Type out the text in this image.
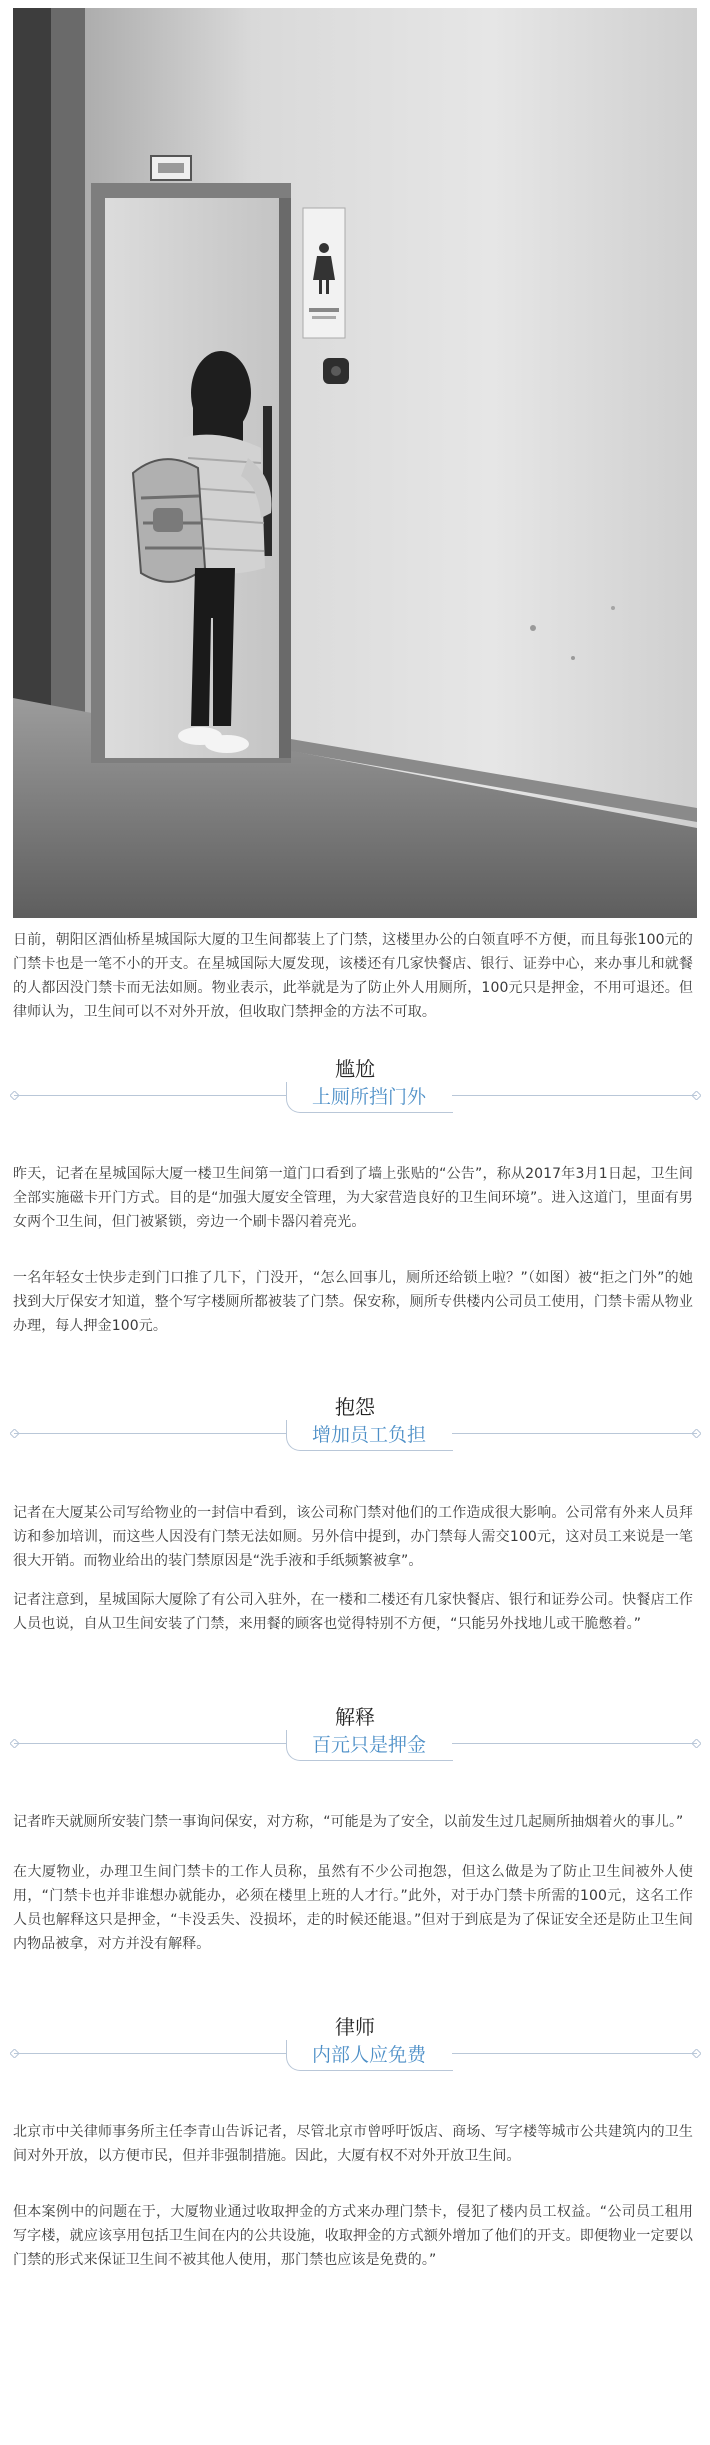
日前，朝阳区酒仙桥星城国际大厦的卫生间都装上了门禁，这楼里办公的白领直呼不方便，而且每张100元的门禁卡也是一笔不小的开支。在星城国际大厦发现，该楼还有几家快餐店、银行、证券中心，来办事儿和就餐的人都因没门禁卡而无法如厕。物业表示，此举就是为了防止外人用厕所，100元只是押金，不用可退还。但律师认为，卫生间可以不对外开放，但收取门禁押金的方法不可取。

尴尬
上厕所挡门外

昨天，记者在星城国际大厦一楼卫生间第一道门口看到了墙上张贴的“公告”，称从2017年3月1日起，卫生间全部实施磁卡开门方式。目的是“加强大厦安全管理，为大家营造良好的卫生间环境”。进入这道门，里面有男女两个卫生间，但门被紧锁，旁边一个刷卡器闪着亮光。

一名年轻女士快步走到门口推了几下，门没开，“怎么回事儿，厕所还给锁上啦？”（如图）被“拒之门外”的她找到大厅保安才知道，整个写字楼厕所都被装了门禁。保安称，厕所专供楼内公司员工使用，门禁卡需从物业办理，每人押金100元。

抱怨
增加员工负担

记者在大厦某公司写给物业的一封信中看到，该公司称门禁对他们的工作造成很大影响。公司常有外来人员拜访和参加培训，而这些人因没有门禁无法如厕。另外信中提到，办门禁每人需交100元，这对员工来说是一笔很大开销。而物业给出的装门禁原因是“洗手液和手纸频繁被拿”。

记者注意到，星城国际大厦除了有公司入驻外，在一楼和二楼还有几家快餐店、银行和证券公司。快餐店工作人员也说，自从卫生间安装了门禁，来用餐的顾客也觉得特别不方便，“只能另外找地儿或干脆憋着。”

解释
百元只是押金

记者昨天就厕所安装门禁一事询问保安，对方称，“可能是为了安全，以前发生过几起厕所抽烟着火的事儿。”

在大厦物业，办理卫生间门禁卡的工作人员称，虽然有不少公司抱怨，但这么做是为了防止卫生间被外人使用，“门禁卡也并非谁想办就能办，必须在楼里上班的人才行。”此外，对于办门禁卡所需的100元，这名工作人员也解释这只是押金，“卡没丢失、没损坏，走的时候还能退。”但对于到底是为了保证安全还是防止卫生间内物品被拿，对方并没有解释。

律师
内部人应免费

北京市中关律师事务所主任李青山告诉记者，尽管北京市曾呼吁饭店、商场、写字楼等城市公共建筑内的卫生间对外开放，以方便市民，但并非强制措施。因此，大厦有权不对外开放卫生间。

但本案例中的问题在于，大厦物业通过收取押金的方式来办理门禁卡，侵犯了楼内员工权益。“公司员工租用写字楼，就应该享用包括卫生间在内的公共设施，收取押金的方式额外增加了他们的开支。即便物业一定要以门禁的形式来保证卫生间不被其他人使用，那门禁也应该是免费的。”
